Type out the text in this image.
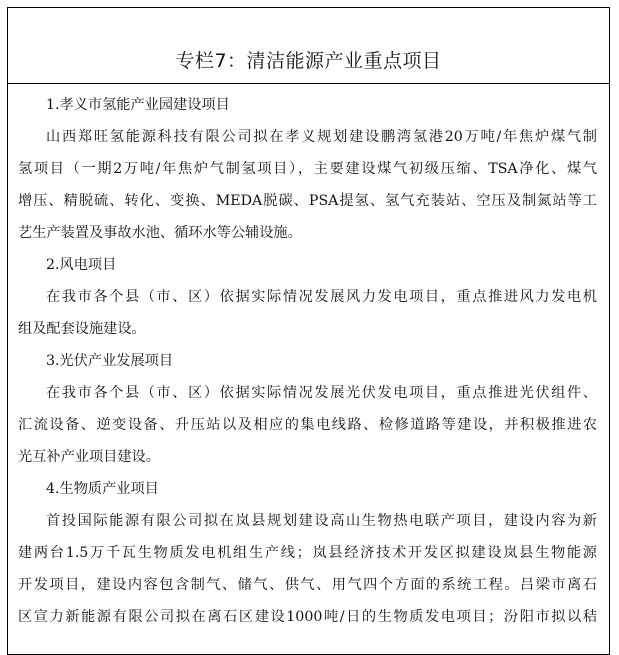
专栏7：清洁能源产业重点项目
1.孝义市氢能产业园建设项目
山西郑旺氢能源科技有限公司拟在孝义规划建设鹏湾氢港20万吨/年焦炉煤气制
氢项目（一期2万吨/年焦炉气制氢项目），主要建设煤气初级压缩、TSA净化、煤气
增压、精脱硫、转化、变换、MEDA脱碳、PSA提氢、氢气充装站、空压及制氮站等工
艺生产装置及事故水池、循环水等公辅设施。
2.风电项目
在我市各个县（市、区）依据实际情况发展风力发电项目，重点推进风力发电机
组及配套设施建设。
3.光伏产业发展项目
在我市各个县（市、区）依据实际情况发展光伏发电项目，重点推进光伏组件、
汇流设备、逆变设备、升压站以及相应的集电线路、检修道路等建设，并积极推进农
光互补产业项目建设。
4.生物质产业项目
首投国际能源有限公司拟在岚县规划建设高山生物热电联产项目，建设内容为新
建两台1.5万千瓦生物质发电机组生产线；岚县经济技术开发区拟建设岚县生物能源
开发项目，建设内容包含制气、储气、供气、用气四个方面的系统工程。吕梁市离石
区宣力新能源有限公司拟在离石区建设1000吨/日的生物质发电项目；汾阳市拟以秸
